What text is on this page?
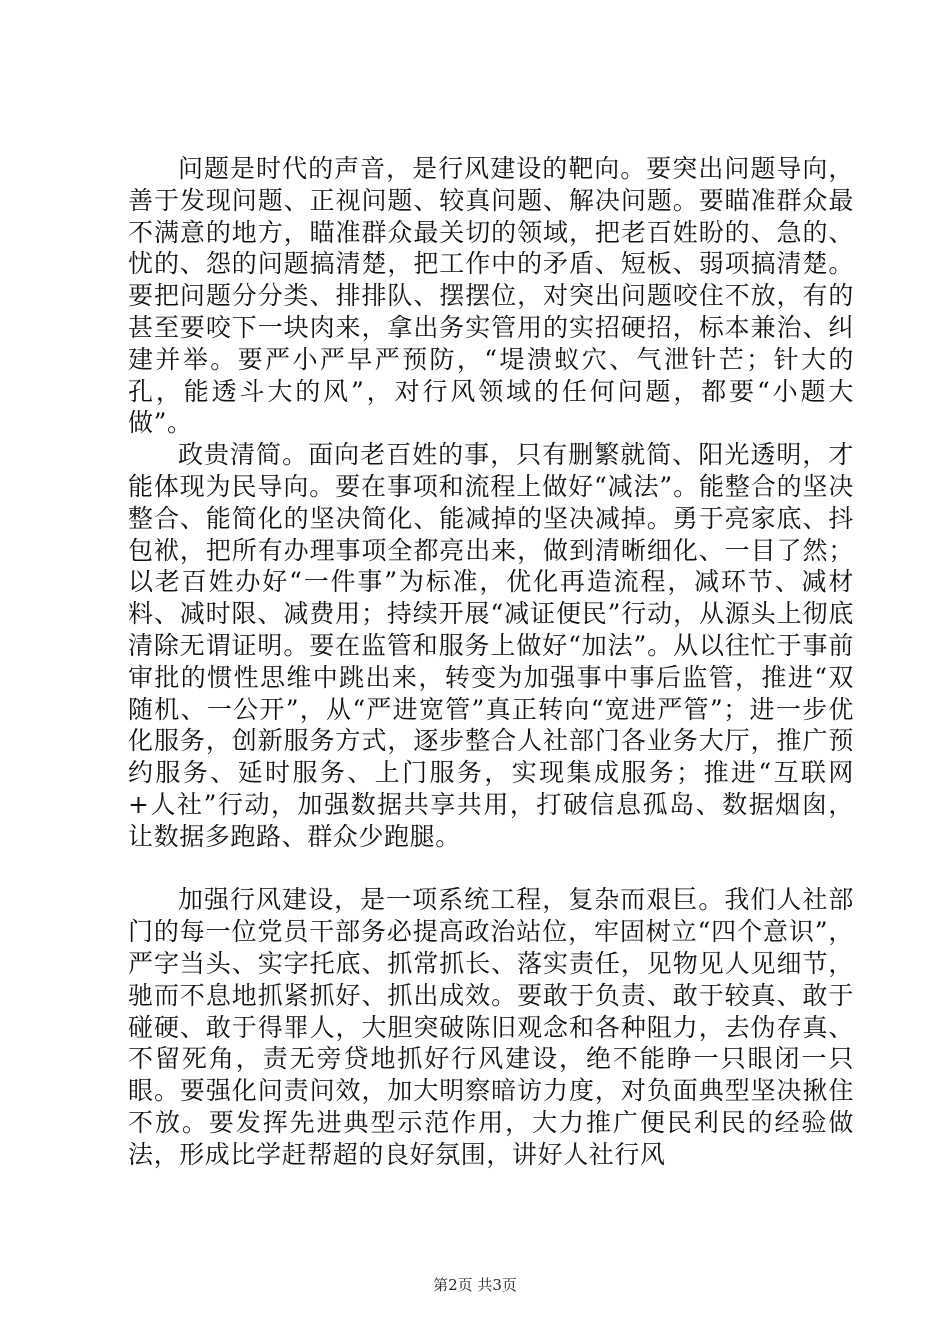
问题是时代的声音，是行风建设的靶向。要突出问题导向，善于发现问题、正视问题、较真问题、解决问题。要瞄准群众最不满意的地方，瞄准群众最关切的领域，把老百姓盼的、急的、忧的、怨的问题搞清楚，把工作中的矛盾、短板、弱项搞清楚。要把问题分分类、排排队、摆摆位，对突出问题咬住不放，有的甚至要咬下一块肉来，拿出务实管用的实招硬招，标本兼治、纠建并举。要严小严早严预防，“堤溃蚁穴、气泄针芒；针大的孔，能透斗大的风”，对行风领域的任何问题，都要“小题大做”。

政贵清简。面向老百姓的事，只有删繁就简、阳光透明，才能体现为民导向。要在事项和流程上做好“减法”。能整合的坚决整合、能简化的坚决简化、能减掉的坚决减掉。勇于亮家底、抖包袱，把所有办理事项全都亮出来，做到清晰细化、一目了然；以老百姓办好“一件事”为标准，优化再造流程，减环节、减材料、减时限、减费用；持续开展“减证便民”行动，从源头上彻底清除无谓证明。要在监管和服务上做好“加法”。从以往忙于事前审批的惯性思维中跳出来，转变为加强事中事后监管，推进“双随机、一公开”，从“严进宽管”真正转向“宽进严管”；进一步优化服务，创新服务方式，逐步整合人社部门各业务大厅，推广预约服务、延时服务、上门服务，实现集成服务；推进“互联网+人社”行动，加强数据共享共用，打破信息孤岛、数据烟囱，让数据多跑路、群众少跑腿。

加强行风建设，是一项系统工程，复杂而艰巨。我们人社部门的每一位党员干部务必提高政治站位，牢固树立“四个意识”，严字当头、实字托底、抓常抓长、落实责任，见物见人见细节，驰而不息地抓紧抓好、抓出成效。要敢于负责、敢于较真、敢于碰硬、敢于得罪人，大胆突破陈旧观念和各种阻力，去伪存真、不留死角，责无旁贷地抓好行风建设，绝不能睁一只眼闭一只眼。要强化问责问效，加大明察暗访力度，对负面典型坚决揪住不放。要发挥先进典型示范作用，大力推广便民利民的经验做法，形成比学赶帮超的良好氛围，讲好人社行风

第2页 共3页
